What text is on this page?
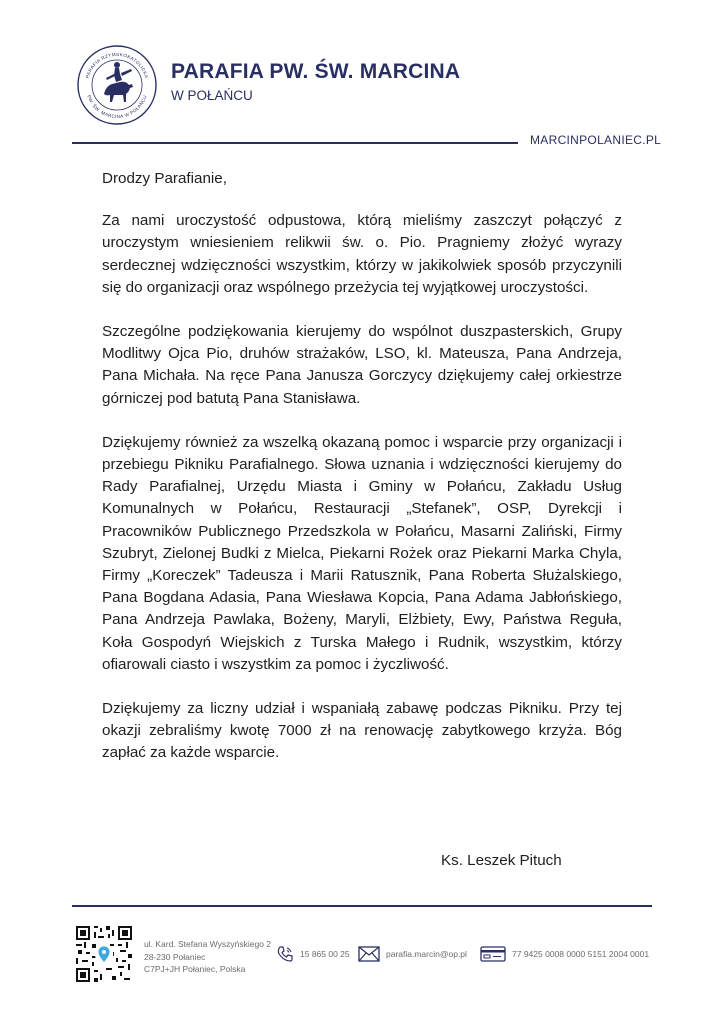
PARAFIA RZYMSKOKATOLICKA
PW. ŚW. MARCINA W POŁAŃCU
PARAFIA PW. ŚW. MARCINA
W POŁAŃCU
MARCINPOLANIEC.PL

Drodzy Parafianie,

Za nami uroczystość odpustowa, którą mieliśmy zaszczyt połączyć z uroczystym wniesieniem relikwii św. o. Pio. Pragniemy złożyć wyrazy serdecznej wdzięczności wszystkim, którzy w jakikolwiek sposób przyczynili się do organizacji oraz wspólnego przeżycia tej wyjątkowej uroczystości.

Szczególne podziękowania kierujemy do wspólnot duszpasterskich, Grupy Modlitwy Ojca Pio, druhów strażaków, LSO, kl. Mateusza, Pana Andrzeja, Pana Michała. Na ręce Pana Janusza Gorczycy dziękujemy całej orkiestrze górniczej pod batutą Pana Stanisława.

Dziękujemy również za wszelką okazaną pomoc i wsparcie przy organizacji i przebiegu Pikniku Parafialnego. Słowa uznania i wdzięczności kierujemy do Rady Parafialnej, Urzędu Miasta i Gminy w Połańcu, Zakładu Usług Komunalnych w Połańcu, Restauracji „Stefanek”, OSP, Dyrekcji i Pracowników Publicznego Przedszkola w Połańcu, Masarni Zaliński, Firmy Szubryt, Zielonej Budki z Mielca, Piekarni Rożek oraz Piekarni Marka Chyla, Firmy „Koreczek” Tadeusza i Marii Ratusznik, Pana Roberta Służalskiego, Pana Bogdana Adasia, Pana Wiesława Kopcia, Pana Adama Jabłońskiego, Pana Andrzeja Pawlaka, Bożeny, Maryli, Elżbiety, Ewy, Państwa Reguła, Koła Gospodyń Wiejskich z Turska Małego i Rudnik, wszystkim, którzy ofiarowali ciasto i wszystkim za pomoc i życzliwość.

Dziękujemy za liczny udział i wspaniałą zabawę podczas Pikniku. Przy tej okazji zebraliśmy kwotę 7000 zł na renowację zabytkowego krzyża. Bóg zapłać za każde wsparcie.

Ks. Leszek Pituch
ul. Kard. Stefana Wyszyńskiego 2
28-230 Połaniec
C7PJ+JH Połaniec, Polska
15 865 00 25	parafia.marcin@op.pl	77 9425 0008 0000 5151 2004 0001
